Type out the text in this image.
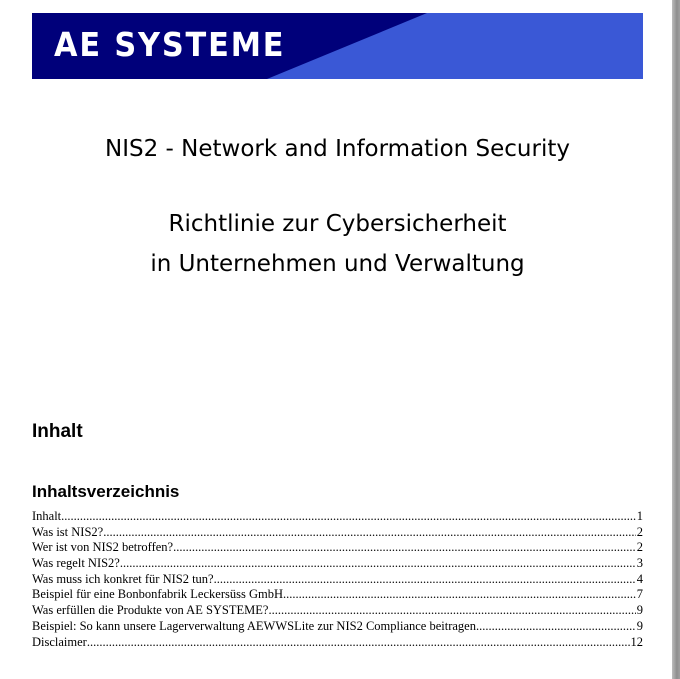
AE SYSTEME
NIS2 - Network and Information Security
Richtlinie zur Cybersicherheit
in Unternehmen und Verwaltung
Inhalt
Inhaltsverzeichnis
Inhalt .....	1
Was ist NIS2? .....	2
Wer ist von NIS2 betroffen? .....	2
Was regelt NIS2? .....	3
Was muss ich konkret für NIS2 tun? .....	4
Beispiel für eine Bonbonfabrik Leckersüss GmbH .....	7
Was erfüllen die Produkte von AE SYSTEME? .....	9
Beispiel: So kann unsere Lagerverwaltung AEWWSLite zur NIS2 Compliance beitragen .....	9
Disclaimer .....	12
